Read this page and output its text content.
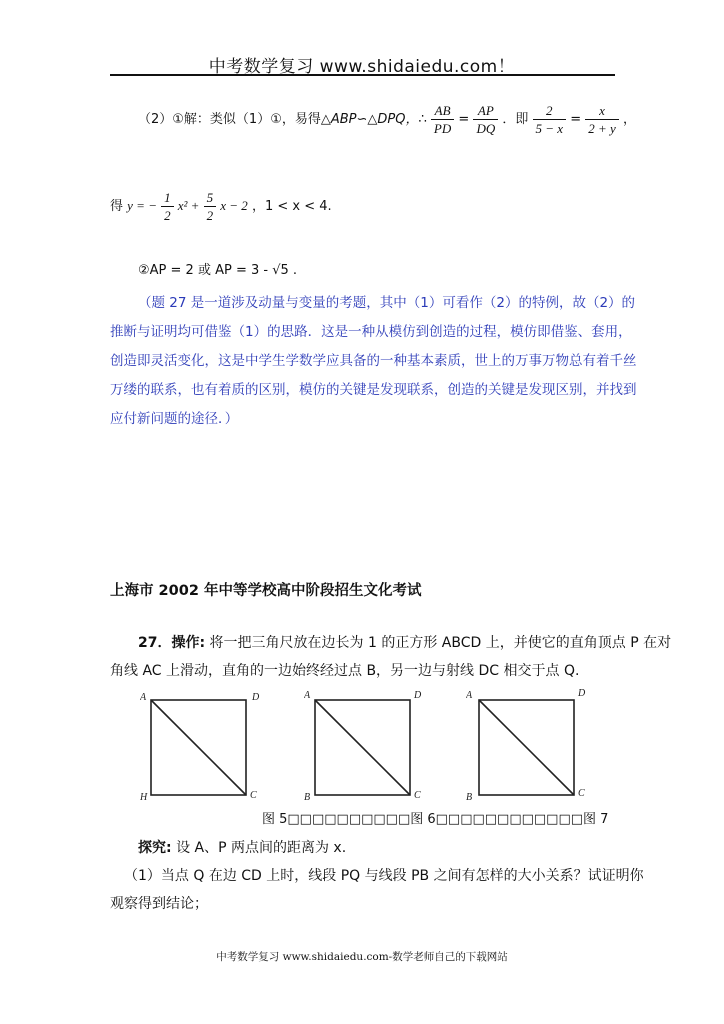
中考数学复习 www.shidaiedu.com！
（2）①解：类似（1）①，易得△ABP∽△DPQ，∴ $\frac{AB}{PD} = \frac{AP}{DQ}$ ．即 $\frac{2}{5 - x} = \frac{x}{2 + y}$ ，
得 y = − $\frac{1}{2} x^2 + \frac{5}{2}$ x − 2 ，1 < x < 4.
②AP = 2 或 AP = 3 - √5 .
（题 27 是一道涉及动量与变量的考题，其中（1）可看作（2）的特例，故（2）的
推断与证明均可借鉴（1）的思路．这是一种从模仿到创造的过程，模仿即借鉴、套用，
创造即灵活变化，这是中学生学数学应具备的一种基本素质，世上的万事万物总有着千丝
万缕的联系，也有着质的区别，模仿的关键是发现联系，创造的关键是发现区别，并找到
应付新问题的途径．）
上海市 2002 年中等学校高中阶段招生文化考试
27．操作: 将一把三角尺放在边长为 1 的正方形 ABCD 上，并使它的直角顶点 P 在对
角线 AC 上滑动，直角的一边始终经过点 B，另一边与射线 DC 相交于点 Q.
A	D
H	C
A	D
B	C
A	D
B	C
图 5□□□□□□□□□□图 6□□□□□□□□□□□□图 7
探究: 设 A、P 两点间的距离为 x.
（1）当点 Q 在边 CD 上时，线段 PQ 与线段 PB 之间有怎样的大小关系？试证明你
观察得到结论；
中考数学复习 www.shidaiedu.com-数学老师自己的下载网站
